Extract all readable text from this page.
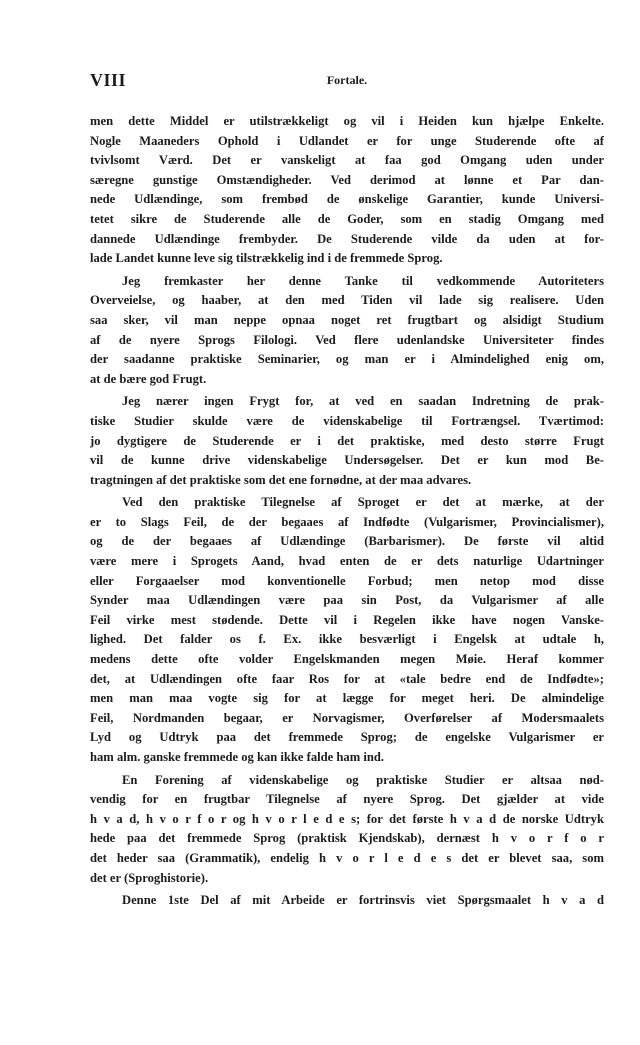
VIII	Fortale.
men dette Middel er utilstrækkeligt og vil i Heiden kun hjælpe Enkelte.
Nogle Maaneders Ophold i Udlandet er for unge Studerende ofte af
tvivlsomt Værd. Det er vanskeligt at faa god Omgang uden under
særegne gunstige Omstændigheder. Ved derimod at lønne et Par dan-
nede Udlændinge, som frembød de ønskelige Garantier, kunde Universi-
tetet sikre de Studerende alle de Goder, som en stadig Omgang med
dannede Udlændinge frembyder. De Studerende vilde da uden at for-
lade Landet kunne leve sig tilstrækkelig ind i de fremmede Sprog.
Jeg fremkaster her denne Tanke til vedkommende Autoriteters
Overveielse, og haaber, at den med Tiden vil lade sig realisere. Uden
saa sker, vil man neppe opnaa noget ret frugtbart og alsidigt Studium
af de nyere Sprogs Filologi. Ved flere udenlandske Universiteter findes
der saadanne praktiske Seminarier, og man er i Almindelighed enig om,
at de bære god Frugt.
Jeg nærer ingen Frygt for, at ved en saadan Indretning de prak-
tiske Studier skulde være de videnskabelige til Fortrængsel. Tværtimod:
jo dygtigere de Studerende er i det praktiske, med desto større Frugt
vil de kunne drive videnskabelige Undersøgelser. Det er kun mod Be-
tragtningen af det praktiske som det ene fornødne, at der maa advares.
Ved den praktiske Tilegnelse af Sproget er det at mærke, at der
er to Slags Feil, de der begaaes af Indfødte (Vulgarismer, Provincialismer),
og de der begaaes af Udlændinge (Barbarismer). De første vil altid
være mere i Sprogets Aand, hvad enten de er dets naturlige Udartninger
eller Forgaaelser mod konventionelle Forbud; men netop mod disse
Synder maa Udlændingen være paa sin Post, da Vulgarismer af alle
Feil virke mest stødende. Dette vil i Regelen ikke have nogen Vanske-
lighed. Det falder os f. Ex. ikke besværligt i Engelsk at udtale h,
medens dette ofte volder Engelskmanden megen Møie. Heraf kommer
det, at Udlændingen ofte faar Ros for at «tale bedre end de Indfødte»;
men man maa vogte sig for at lægge for meget heri. De almindelige
Feil, Nordmanden begaar, er Norvagismer, Overførelser af Modersmaalets
Lyd og Udtryk paa det fremmede Sprog; de engelske Vulgarismer er
ham alm. ganske fremmede og kan ikke falde ham ind.
En Forening af videnskabelige og praktiske Studier er altsaa nød-
vendig for en frugtbar Tilegnelse af nyere Sprog. Det gjælder at vide
h v a d, h v o r f o r og h v o r l e d e s; for det første h v a d de norske Udtryk
hede paa det fremmede Sprog (praktisk Kjendskab), dernæst h v o r f o r
det heder saa (Grammatik), endelig h v o r l e d e s det er blevet saa, som
det er (Sproghistorie).
Denne 1ste Del af mit Arbeide er fortrinsvis viet Spørgsmaalet h v a d
